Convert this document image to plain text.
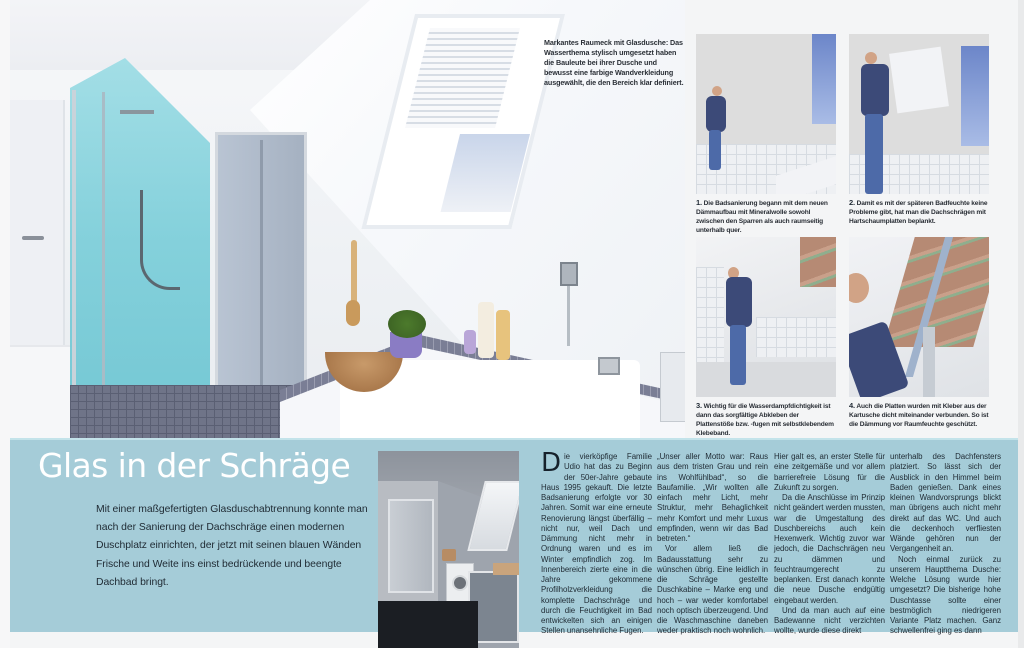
Markantes Raumeck mit Glasdusche: Das Wasserthema stylisch umgesetzt haben die Bauleute bei ihrer Dusche und bewusst eine farbige Wandverkleidung ausgewählt, die den Bereich klar definiert.
1. Die Badsanierung begann mit dem neuen Dämmaufbau mit Mineralwolle sowohl zwischen den Sparren als auch raumseitig unterhalb quer.
2. Damit es mit der späteren Badfeuchte keine Probleme gibt, hat man die Dachschrägen mit Hartschaumplatten beplankt.
3. Wichtig für die Wasserdampfdichtigkeit ist dann das sorgfältige Abkleben der Plattenstöße bzw. -fugen mit selbstklebendem Klebeband.
4. Auch die Platten wurden mit Kleber aus der Kartusche dicht miteinander verbunden. So ist die Dämmung vor Raumfeuchte geschützt.
Glas in der Schräge
Mit einer maßgefertigten Glasduschabtrennung konnte man nach der Sanierung der Dachschräge einen modernen Duschplatz einrichten, der jetzt mit seinen blauen Wänden Frische und Weite ins einst bedrückende und beengte Dachbad bringt.

Die vierköpfige Familie Udio hat das zu Beginn der 50er-Jahre gebaute Haus 1995 gekauft. Die letzte Badsanierung erfolgte vor 30 Jahren. Somit war eine erneute Renovierung längst überfällig – nicht nur, weil Dach und Dämmung nicht mehr in Ordnung waren und es im Winter empfindlich zog. Im Innenbereich zierte eine in die Jahre gekommene Profilholzverkleidung die komplette Dachschräge und durch die Feuchtigkeit im Bad entwickelten sich an einigen Stellen unansehnliche Fugen.

„Unser aller Motto war: Raus aus dem tristen Grau und rein ins Wohlfühlbad“, so die Baufamilie. „Wir wollten alle einfach mehr Licht, mehr Struktur, mehr Behaglichkeit mehr Komfort und mehr Luxus empfinden, wenn wir das Bad betreten.“

Vor allem ließ die Badausstattung sehr zu wünschen übrig. Eine leidlich in die Schräge gestellte Duschkabine – Marke eng und hoch – war weder komfortabel noch optisch überzeugend. Und die Waschmaschine daneben weder praktisch noch wohnlich.

Hier galt es, an erster Stelle für eine zeitgemäße und vor allem barrierefreie Lösung für die Zukunft zu sorgen.

Da die Anschlüsse im Prinzip nicht geändert werden mussten, war die Umgestaltung des Duschbereichs auch kein Hexenwerk. Wichtig zuvor war jedoch, die Dachschrägen neu zu dämmen und feuchtraumgerecht zu beplanken. Erst danach konnte die neue Dusche endgültig eingebaut werden.

Und da man auch auf eine Badewanne nicht verzichten wollte, wurde diese direkt

unterhalb des Dachfensters platziert. So lässt sich der Ausblick in den Himmel beim Baden genießen. Dank eines kleinen Wandvorsprungs blickt man übrigens auch nicht mehr direkt auf das WC. Und auch die deckenhoch verfliesten Wände gehören nun der Vergangenheit an.

Noch einmal zurück zu unserem Hauptthema Dusche: Welche Lösung wurde hier umgesetzt? Die bisherige hohe Duschtasse sollte einer bestmöglich niedrigeren Variante Platz machen. Ganz schwellenfrei ging es dann
